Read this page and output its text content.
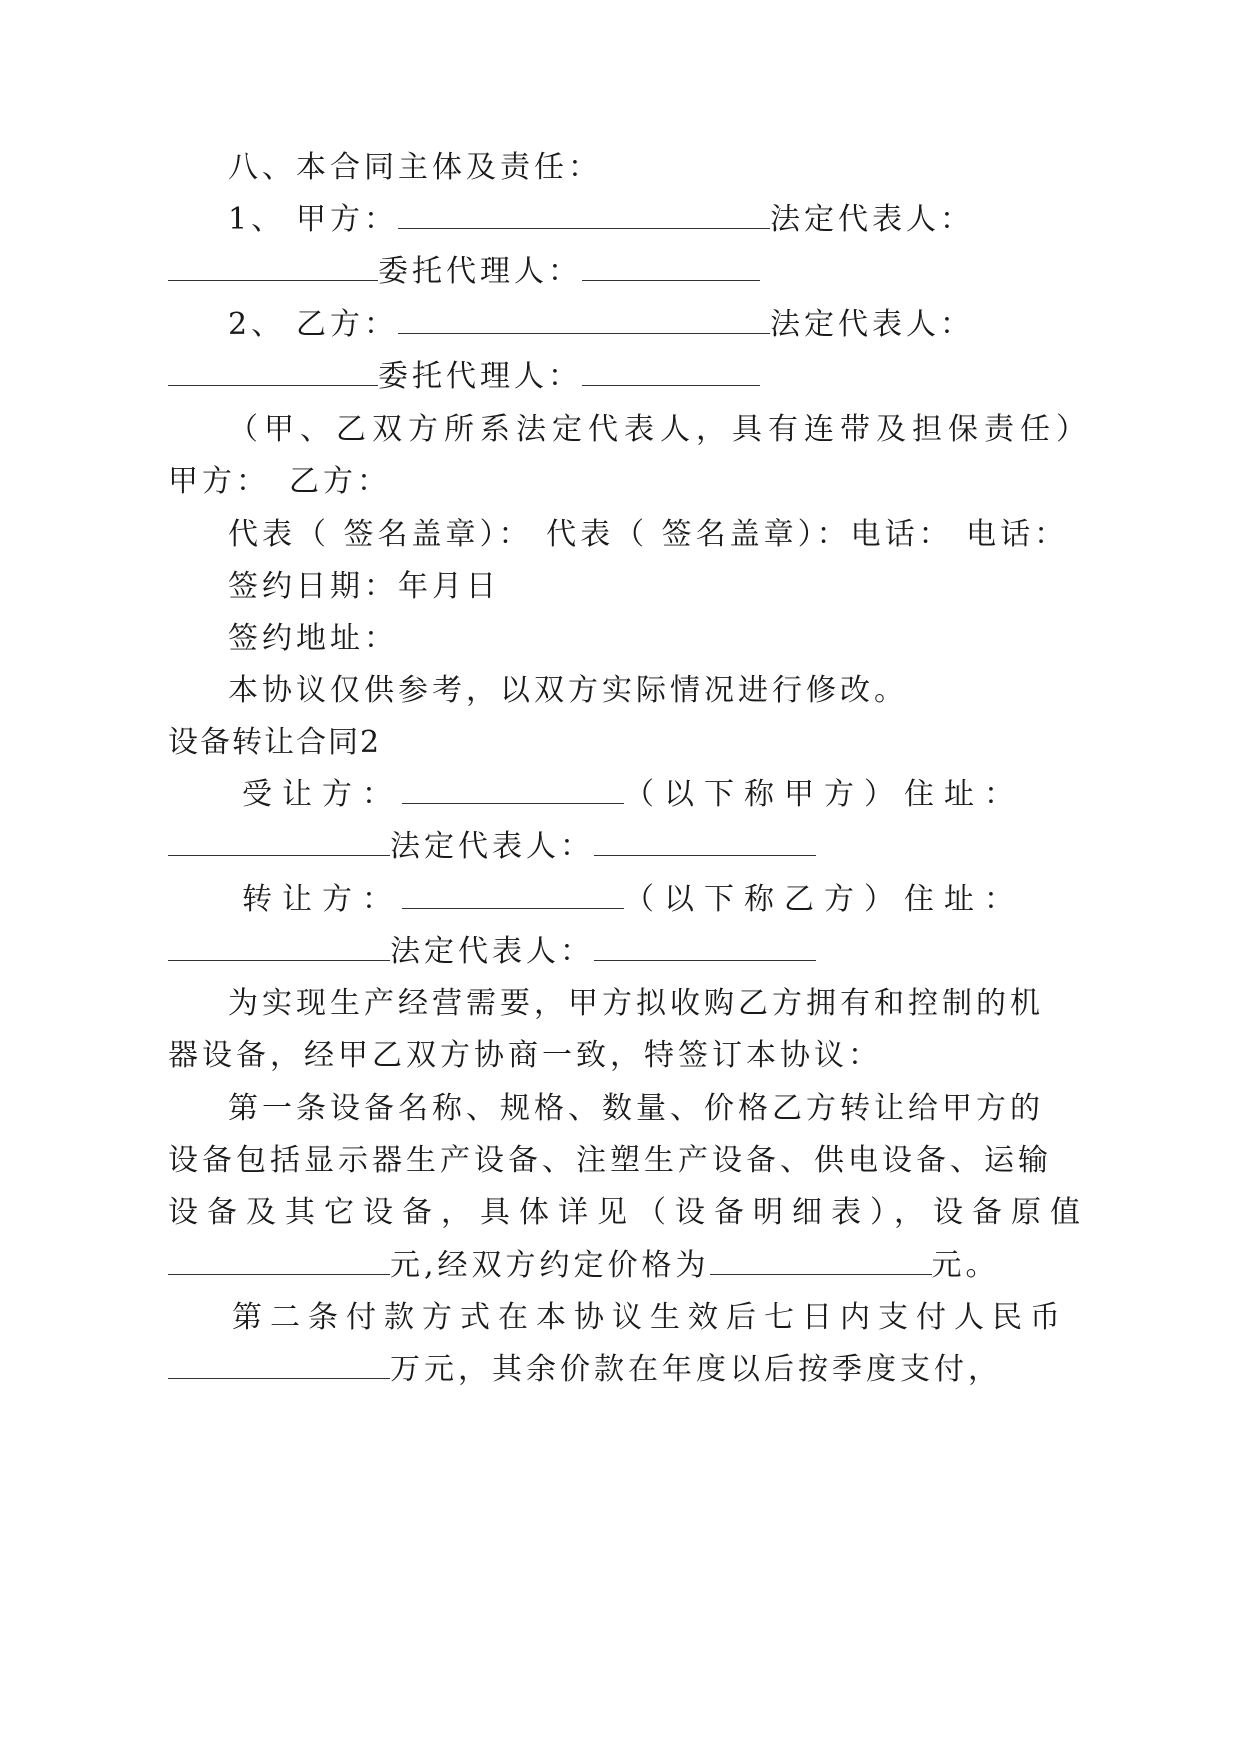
八、本合同主体及责任：

1、 甲方：	法定代表人：

委托代理人：

2、 乙方：	法定代表人：

委托代理人：

（甲、乙双方所系法定代表人，具有连带及担保责任）

甲方：　乙方：

代表（ 签名盖章）： 代表（ 签名盖章）：电话： 电话：

签约日期：年月日

签约地址：

本协议仅供参考，以双方实际情况进行修改。

设备转让合同2

受让方：	（以下称甲方）住址：

法定代表人：

转让方：	（以下称乙方）住址：

法定代表人：

为实现生产经营需要，甲方拟收购乙方拥有和控制的机

器设备，经甲乙双方协商一致，特签订本协议：

第一条设备名称、规格、数量、价格乙方转让给甲方的

设备包括显示器生产设备、注塑生产设备、供电设备、运输

设备及其它设备，具体详见（设备明细表），设备原值

元,经双方约定价格为	元。

第二条付款方式在本协议生效后七日内支付人民币

万元，其余价款在年度以后按季度支付，
